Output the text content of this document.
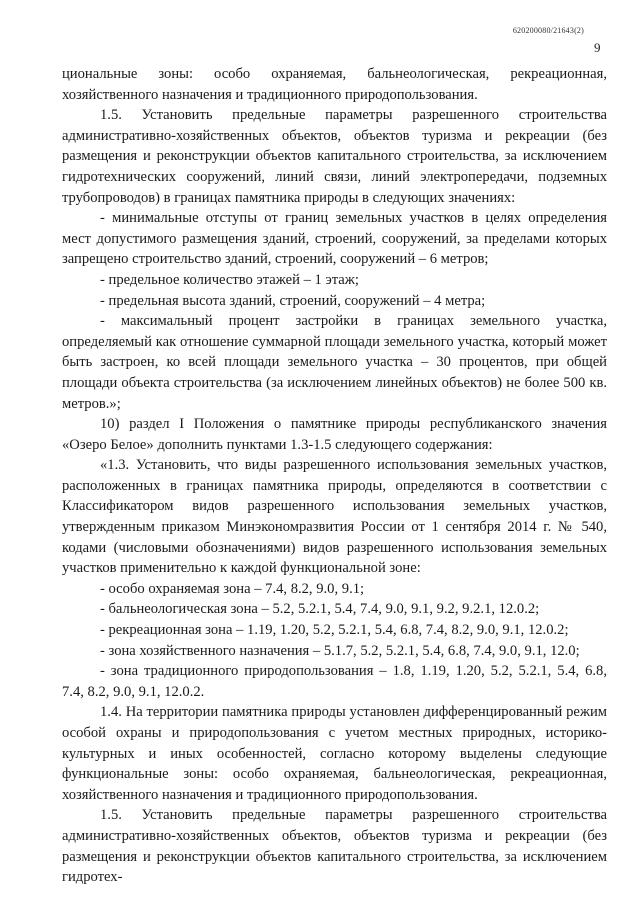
620200080/21643(2)
9

циональные зоны: особо охраняемая, бальнеологическая, рекреационная, хозяйственного назначения и традиционного природопользования.

1.5. Установить предельные параметры разрешенного строительства административно-хозяйственных объектов, объектов туризма и рекреации (без размещения и реконструкции объектов капитального строительства, за исключением гидротехнических сооружений, линий связи, линий электропередачи, подземных трубопроводов) в границах памятника природы в следующих значениях:

- минимальные отступы от границ земельных участков в целях определения мест допустимого размещения зданий, строений, сооружений, за пределами которых запрещено строительство зданий, строений, сооружений – 6 метров;

- предельное количество этажей – 1 этаж;

- предельная высота зданий, строений, сооружений – 4 метра;

- максимальный процент застройки в границах земельного участка, определяемый как отношение суммарной площади земельного участка, который может быть застроен, ко всей площади земельного участка – 30 процентов, при общей площади объекта строительства (за исключением линейных объектов) не более 500 кв. метров.»;

10) раздел I Положения о памятнике природы республиканского значения «Озеро Белое» дополнить пунктами 1.3-1.5 следующего содержания:

«1.3. Установить, что виды разрешенного использования земельных участков, расположенных в границах памятника природы, определяются в соответствии с Классификатором видов разрешенного использования земельных участков, утвержденным приказом Минэкономразвития России от 1 сентября 2014 г. № 540, кодами (числовыми обозначениями) видов разрешенного использования земельных участков применительно к каждой функциональной зоне:

- особо охраняемая зона – 7.4, 8.2, 9.0, 9.1;

- бальнеологическая зона – 5.2, 5.2.1, 5.4, 7.4, 9.0, 9.1, 9.2, 9.2.1, 12.0.2;

- рекреационная зона – 1.19, 1.20, 5.2, 5.2.1, 5.4, 6.8, 7.4, 8.2, 9.0, 9.1, 12.0.2;

- зона хозяйственного назначения – 5.1.7, 5.2, 5.2.1, 5.4, 6.8, 7.4, 9.0, 9.1, 12.0;

- зона традиционного природопользования – 1.8, 1.19, 1.20, 5.2, 5.2.1, 5.4, 6.8, 7.4, 8.2, 9.0, 9.1, 12.0.2.

1.4. На территории памятника природы установлен дифференцированный режим особой охраны и природопользования с учетом местных природных, историко-культурных и иных особенностей, согласно которому выделены следующие функциональные зоны: особо охраняемая, бальнеологическая, рекреационная, хозяйственного назначения и традиционного природопользования.

1.5. Установить предельные параметры разрешенного строительства административно-хозяйственных объектов, объектов туризма и рекреации (без размещения и реконструкции объектов капитального строительства, за исключением гидротех-
